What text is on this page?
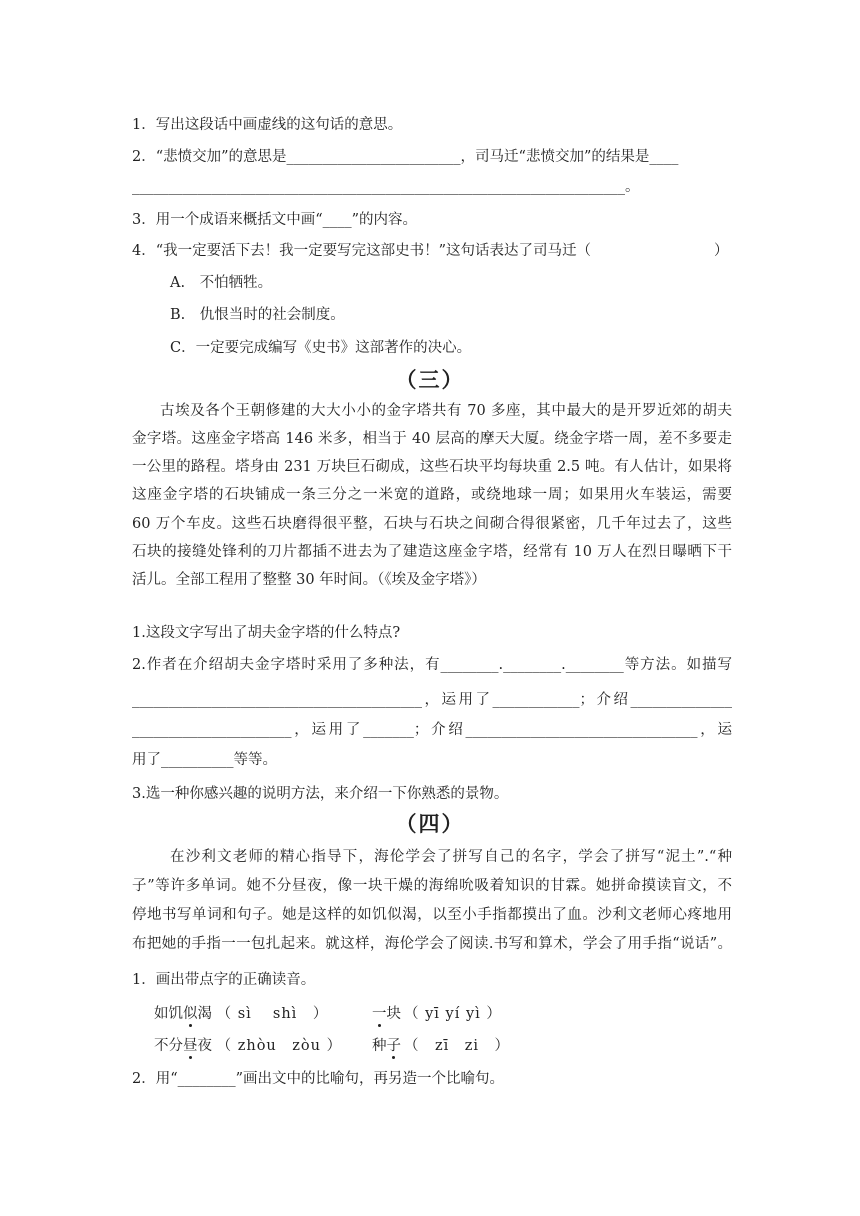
1．写出这段话中画虚线的这句话的意思。
2．“悲愤交加”的意思是________________________，司马迁“悲愤交加”的结果是____
____________________________________________________________________。
3．用一个成语来概括文中画“____”的内容。
4．“我一定要活下去！我一定要写完这部史书！”这句话表达了司马迁（	）
A.　不怕牺牲。
B.　仇恨当时的社会制度。
C．一定要完成编写《史书》这部著作的决心。
（三）
古埃及各个王朝修建的大大小小的金字塔共有 70 多座，其中最大的是开罗近郊的胡夫
金字塔。这座金字塔高 146 米多，相当于 40 层高的摩天大厦。绕金字塔一周，差不多要走
一公里的路程。塔身由 231 万块巨石砌成，这些石块平均每块重 2.5 吨。有人估计，如果将
这座金字塔的石块铺成一条三分之一米宽的道路，或绕地球一周；如果用火车装运，需要
60 万个车皮。这些石块磨得很平整，石块与石块之间砌合得很紧密，几千年过去了，这些
石块的接缝处锋利的刀片都插不进去为了建造这座金字塔，经常有 10 万人在烈日曝晒下干
活儿。全部工程用了整整 30 年时间。（《埃及金字塔》）
1.这段文字写出了胡夫金字塔的什么特点?
2.作者在介绍胡夫金字塔时采用了多种法，有________.________.________等方法。如描写
________________________________________，运用了____________；介绍______________
______________________，运用了_______；介绍________________________________，运
用了__________等等。
3.选一种你感兴趣的说明方法，来介绍一下你熟悉的景物。
（四）
在沙利文老师的精心指导下，海伦学会了拼写自己的名字，学会了拼写“泥土”.“种
子”等许多单词。她不分昼夜，像一块干燥的海绵吮吸着知识的甘霖。她拼命摸读盲文，不
停地书写单词和句子。她是这样的如饥似渴，以至小手指都摸出了血。沙利文老师心疼地用
布把她的手指一一包扎起来。就这样，海伦学会了阅读.书写和算术，学会了用手指“说话”。
1．画出带点字的正确读音。
如饥似渴 （ sì　 shì　）	一块 （ yī yí yì ）
不分昼夜 （ zhòu　zòu ） 种子 （　zī　zi　）
2．用“________”画出文中的比喻句，再另造一个比喻句。
